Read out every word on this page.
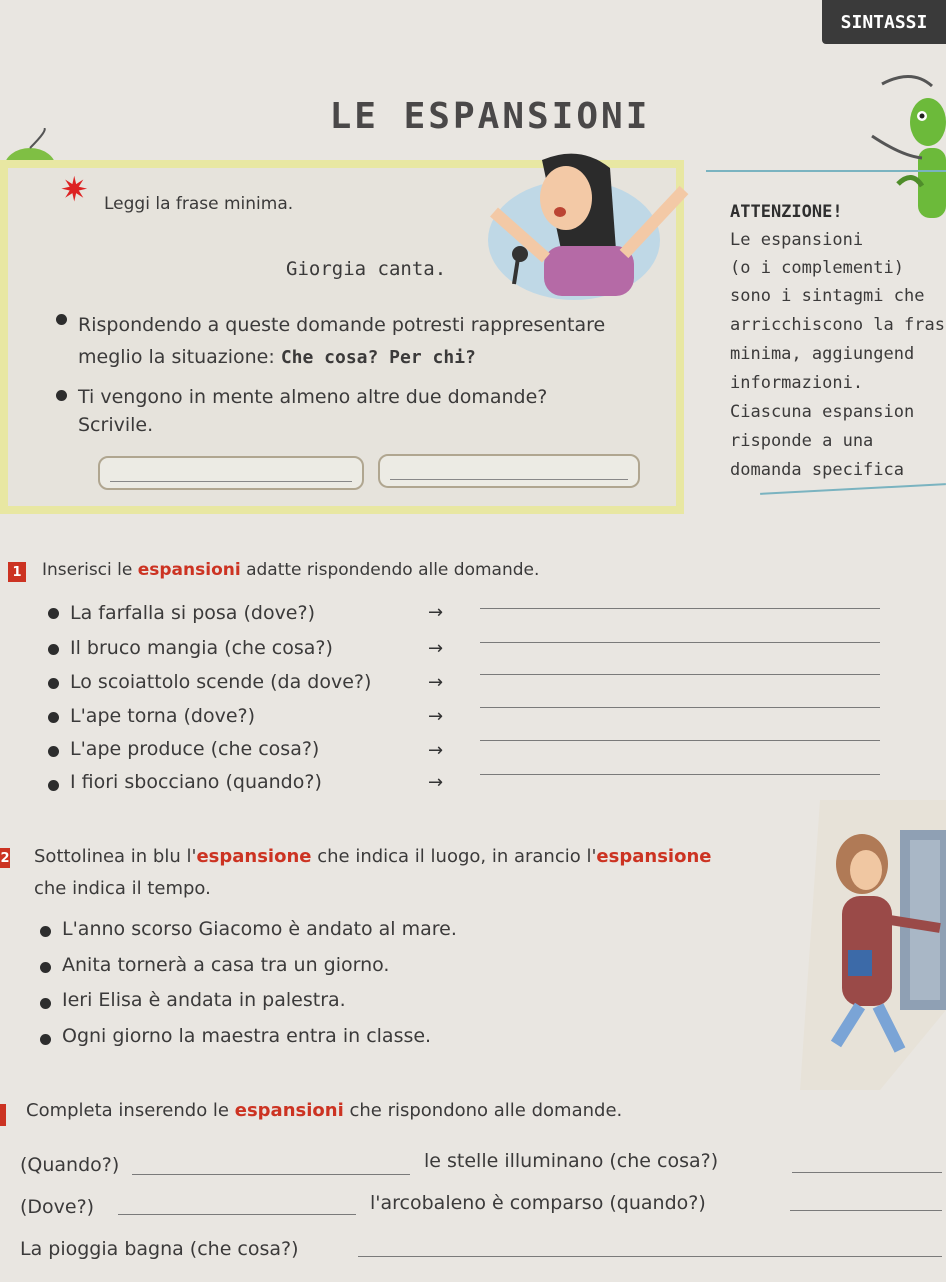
SINTASSI
LE ESPANSIONI
✷ Leggi la frase minima.
Giorgia canta.
Rispondendo a queste domande potresti rappresentare
meglio la situazione: Che cosa? Per chi?
Ti vengono in mente almeno altre due domande?
Scrivile.
ATTENZIONE!
Le espansioni
(o i complementi)
sono i sintagmi che
arricchiscono la fras
minima, aggiungend
informazioni.
Ciascuna espansion
risponde a una
domanda specifica
1 Inserisci le espansioni adatte rispondendo alle domande.
La farfalla si posa (dove?)	→
Il bruco mangia (che cosa?)	→
Lo scoiattolo scende (da dove?)	→
L'ape torna (dove?)	→
L'ape produce (che cosa?)	→
I fiori sbocciano (quando?)	→
2 Sottolinea in blu l'espansione che indica il luogo, in arancio l'espansione
che indica il tempo.
L'anno scorso Giacomo è andato al mare.
Anita tornerà a casa tra un giorno.
Ieri Elisa è andata in palestra.
Ogni giorno la maestra entra in classe.
Completa inserendo le espansioni che rispondono alle domande.
(Quando?)	le stelle illuminano (che cosa?)
(Dove?)	l'arcobaleno è comparso (quando?)
La pioggia bagna (che cosa?)
